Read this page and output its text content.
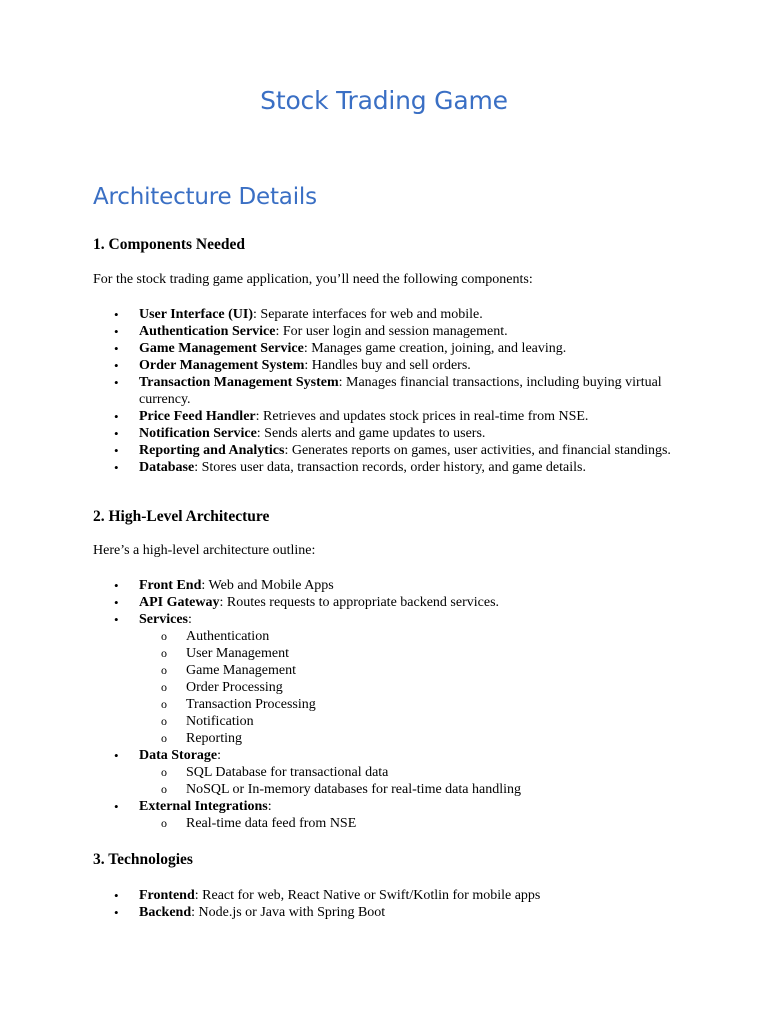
Stock Trading Game
Architecture Details
1. Components Needed

For the stock trading game application, you’ll need the following components:

• User Interface (UI): Separate interfaces for web and mobile.
• Authentication Service: For user login and session management.
• Game Management Service: Manages game creation, joining, and leaving.
• Order Management System: Handles buy and sell orders.
• Transaction Management System: Manages financial transactions, including buying virtual currency.
• Price Feed Handler: Retrieves and updates stock prices in real-time from NSE.
• Notification Service: Sends alerts and game updates to users.
• Reporting and Analytics: Generates reports on games, user activities, and financial standings.
• Database: Stores user data, transaction records, order history, and game details.
2. High-Level Architecture

Here’s a high-level architecture outline:

• Front End: Web and Mobile Apps
• API Gateway: Routes requests to appropriate backend services.
• Services:
o Authentication
o User Management
o Game Management
o Order Processing
o Transaction Processing
o Notification
o Reporting
• Data Storage:
o SQL Database for transactional data
o NoSQL or In-memory databases for real-time data handling
• External Integrations:
o Real-time data feed from NSE
3. Technologies
• Frontend: React for web, React Native or Swift/Kotlin for mobile apps
• Backend: Node.js or Java with Spring Boot
